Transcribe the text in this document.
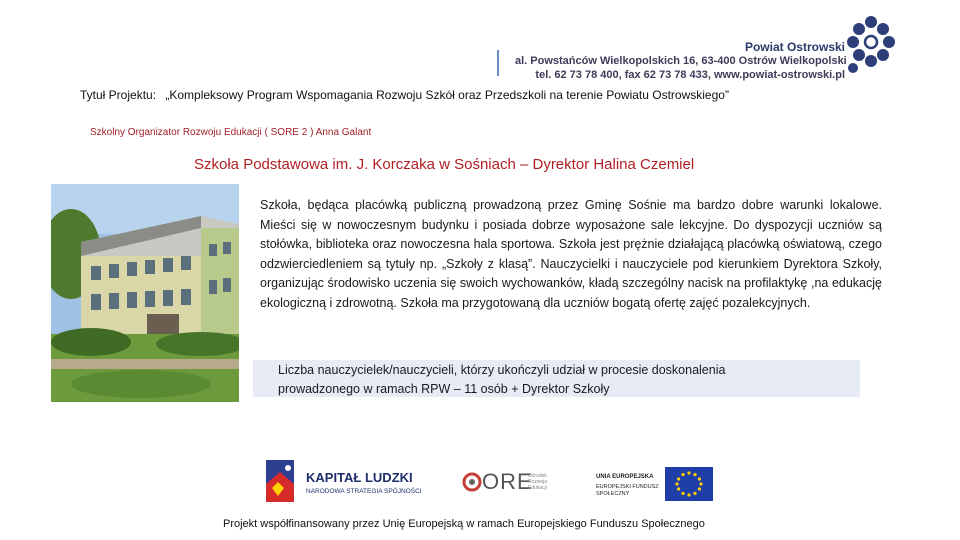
Powiat Ostrowski
al. Powstańców Wielkopolskich 16, 63-400 Ostrów Wielkopolski
tel. 62 73 78 400, fax 62 73 78 433, www.powiat-ostrowski.pl
Tytuł Projektu: „Kompleksowy Program Wspomagania Rozwoju Szkół oraz Przedszkoli na terenie Powiatu Ostrowskiego”
Szkolny Organizator Rozwoju Edukacji ( SORE 2 ) Anna Galant
Szkoła Podstawowa im. J. Korczaka w Sośniach – Dyrektor Halina Czemiel
Szkoła, będąca placówką publiczną prowadzoną przez Gminę Sośnie ma bardzo dobre warunki lokalowe. Mieści się w nowoczesnym budynku i posiada dobrze wyposażone sale lekcyjne. Do dyspozycji uczniów są stołówka, biblioteka oraz nowoczesna hala sportowa. Szkoła jest prężnie działającą placówką oświatową, czego odzwierciedleniem są tytuły np. „Szkoły z klasą”. Nauczycielki i nauczyciele pod kierunkiem Dyrektora Szkoły, organizując środowisko uczenia się swoich wychowanków, kładą szczególny nacisk na profilaktykę ,na edukację ekologiczną i zdrowotną. Szkoła ma przygotowaną dla uczniów bogatą ofertę zajęć pozalekcyjnych.
Liczba nauczycielek/nauczycieli, którzy ukończyli udział w procesie doskonalenia
prowadzonego w ramach RPW – 11 osób + Dyrektor Szkoły
KAPITAŁ LUDZKI
NARODOWA STRATEGIA SPÓJNOŚCI	ORE
Ośrodek Rozwoju Edukacji
UNIA EUROPEJSKA
EUROPEJSKI FUNDUSZ SPOŁECZNY
Projekt współfinansowany przez Unię Europejską w ramach Europejskiego Funduszu Społecznego
